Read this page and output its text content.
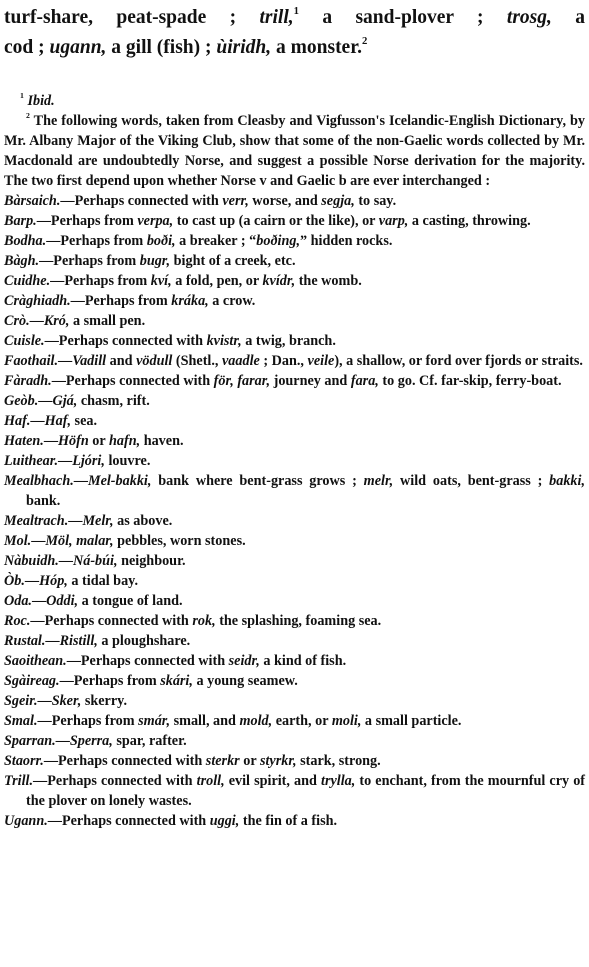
turf-share, peat-spade ; trill,$^1$ a sand-plover ; trosg, a
cod ; ugann, a gill (fish) ; ùiridh, a monster.$^2$
$^1$ Ibid.
$^2$ The following words, taken from Cleasby and Vigfusson's Icelandic-English Dictionary, by Mr. Albany Major of the Viking Club, show that some of the non-Gaelic words collected by Mr. Macdonald are undoubtedly Norse, and suggest a possible Norse derivation for the majority. The two first depend upon whether Norse v and Gaelic b are ever interchanged :
Bàrsaich.—Perhaps connected with verr, worse, and segja, to say.
Barp.—Perhaps from verpa, to cast up (a cairn or the like), or varp, a casting, throwing.
Bodha.—Perhaps from boði, a breaker ; “boðing,” hidden rocks.
Bàgh.—Perhaps from bugr, bight of a creek, etc.
Cuidhe.—Perhaps from kví, a fold, pen, or kvídr, the womb.
Cràghiadh.—Perhaps from kráka, a crow.
Crò.—Kró, a small pen.
Cuisle.—Perhaps connected with kvistr, a twig, branch.
Faothail.—Vadill and vödull (Shetl., vaadle ; Dan., veile), a shallow, or ford over fjords or straits.
Fàradh.—Perhaps connected with för, farar, journey and fara, to go. Cf. far-skip, ferry-boat.
Geòb.—Gjá, chasm, rift.
Haf.—Haf, sea.
Haten.—Höfn or hafn, haven.
Luithear.—Ljóri, louvre.
Mealbhach.—Mel-bakki, bank where bent-grass grows ; melr, wild oats, bent-grass ; bakki, bank.
Mealtrach.—Melr, as above.
Mol.—Möl, malar, pebbles, worn stones.
Nàbuidh.—Ná-búi, neighbour.
Òb.—Hóp, a tidal bay.
Oda.—Oddi, a tongue of land.
Roc.—Perhaps connected with rok, the splashing, foaming sea.
Rustal.—Ristill, a ploughshare.
Saoithean.—Perhaps connected with seidr, a kind of fish.
Sgàireag.—Perhaps from skári, a young seamew.
Sgeir.—Sker, skerry.
Smal.—Perhaps from smár, small, and mold, earth, or moli, a small particle.
Sparran.—Sperra, spar, rafter.
Staorr.—Perhaps connected with sterkr or styrkr, stark, strong.
Trill.—Perhaps connected with troll, evil spirit, and trylla, to enchant, from the mournful cry of the plover on lonely wastes.
Ugann.—Perhaps connected with uggi, the fin of a fish.
